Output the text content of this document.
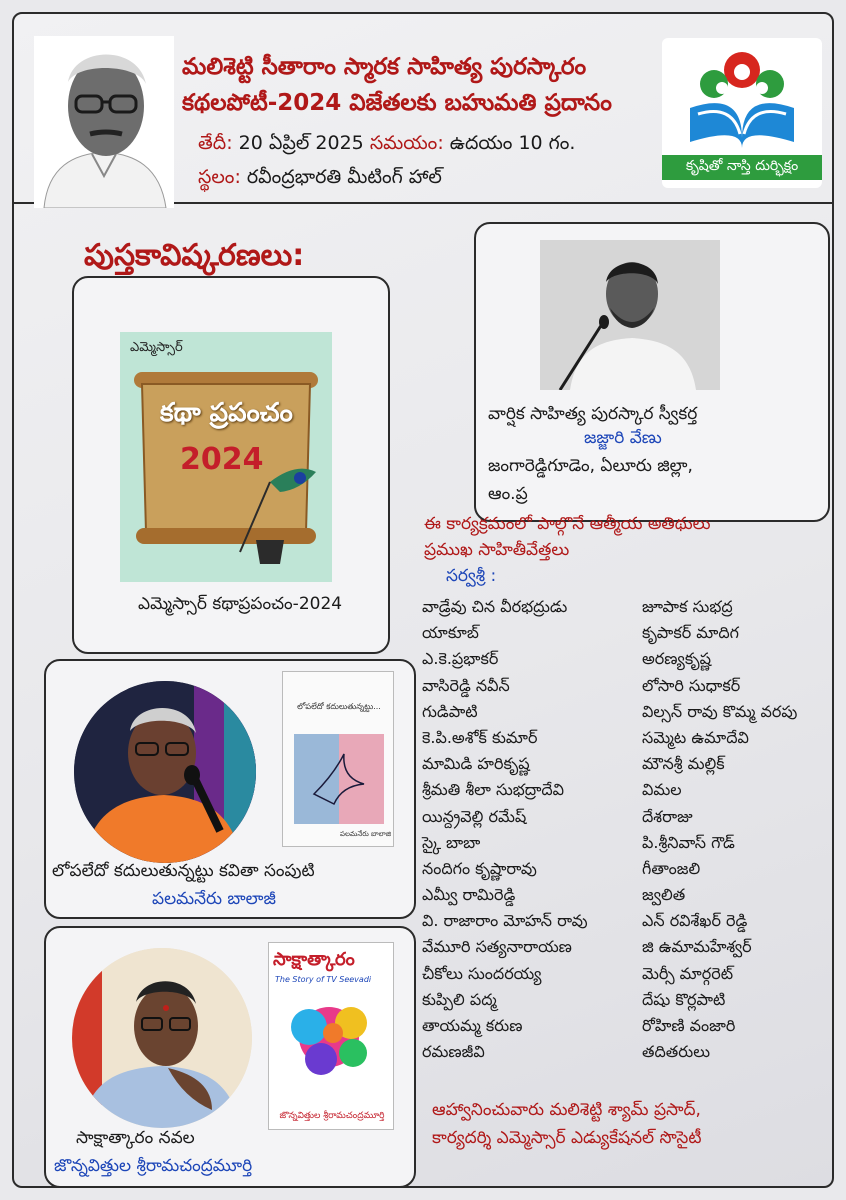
మలిశెట్టి సీతారాం స్మారక సాహిత్య పురస్కారం
కథలపోటీ-2024 విజేతలకు బహుమతి ప్రదానం
తేదీ: 20 ఏప్రిల్ 2025 సమయం: ఉదయం 10 గం.
స్థలం: రవీంద్రభారతి మీటింగ్ హాల్	కృషితో నాస్తి దుర్భిక్షం
పుస్తకావిష్కరణలు:
ఎమ్మెస్సార్
కథా ప్రపంచం
2024
ఎమ్మెస్సార్ కథాప్రపంచం-2024
వార్షిక సాహిత్య పురస్కార స్వీకర్త
జజ్జారి వేణు
జంగారెడ్డిగూడెం, ఏలూరు జిల్లా,
ఆం.ప్ర
లోపలేదో కదులుతున్నట్టు...
పలమనేరు బాలాజి
లోపలేదో కదులుతున్నట్టు కవితా సంపుటి
పలమనేరు బాలాజీ
సాక్షాత్కారం
The Story of TV Seevadi
జొన్నవిత్తుల శ్రీరామచంద్రమూర్తి
సాక్షాత్కారం నవల
జొన్నవిత్తుల శ్రీరామచంద్రమూర్తి
ఈ కార్యక్రమంలో పాల్గొనే ఆత్మీయ అతిథులు
ప్రముఖ సాహితీవేత్తలు
సర్వశ్రీ :
వాడ్రేవు చిన వీరభద్రుడు
యాకూబ్
ఎ.కె.ప్రభాకర్
వాసిరెడ్డి నవీన్
గుడిపాటి
కె.పి.అశోక్ కుమార్
మామిడి హరికృష్ణ
శ్రీమతి శీలా సుభద్రాదేవి
యిన్ద్రవెల్లి రమేష్
స్కై బాబా
నందిగం కృష్ణారావు
ఎమ్వీ రామిరెడ్డి
వి. రాజారాం మోహన్ రావు
వేమూరి సత్యనారాయణ
చీకోలు సుందరయ్య
కుప్పిలి పద్మ
తాయమ్మ కరుణ
రమణజీవి
జూపాక సుభద్ర
కృపాకర్ మాదిగ
అరణ్యకృష్ణ
లోసారి సుధాకర్
విల్సన్ రావు కొమ్మ వరపు
సమ్మెట ఉమాదేవి
మౌనశ్రీ మల్లిక్
విమల
దేశరాజు
పి.శ్రీనివాస్ గౌడ్
గీతాంజలి
జ్వలిత
ఎన్ రవిశేఖర్ రెడ్డి
జి ఉమామహేశ్వర్
మెర్సీ మార్గరెట్
దేషు కొర్లపాటి
రోహిణి వంజారి
తదితరులు
ఆహ్వానించువారు మలిశెట్టి శ్యామ్ ప్రసాద్,
కార్యదర్శి ఎమ్మెస్సార్ ఎడ్యుకేషనల్ సొసైటీ
